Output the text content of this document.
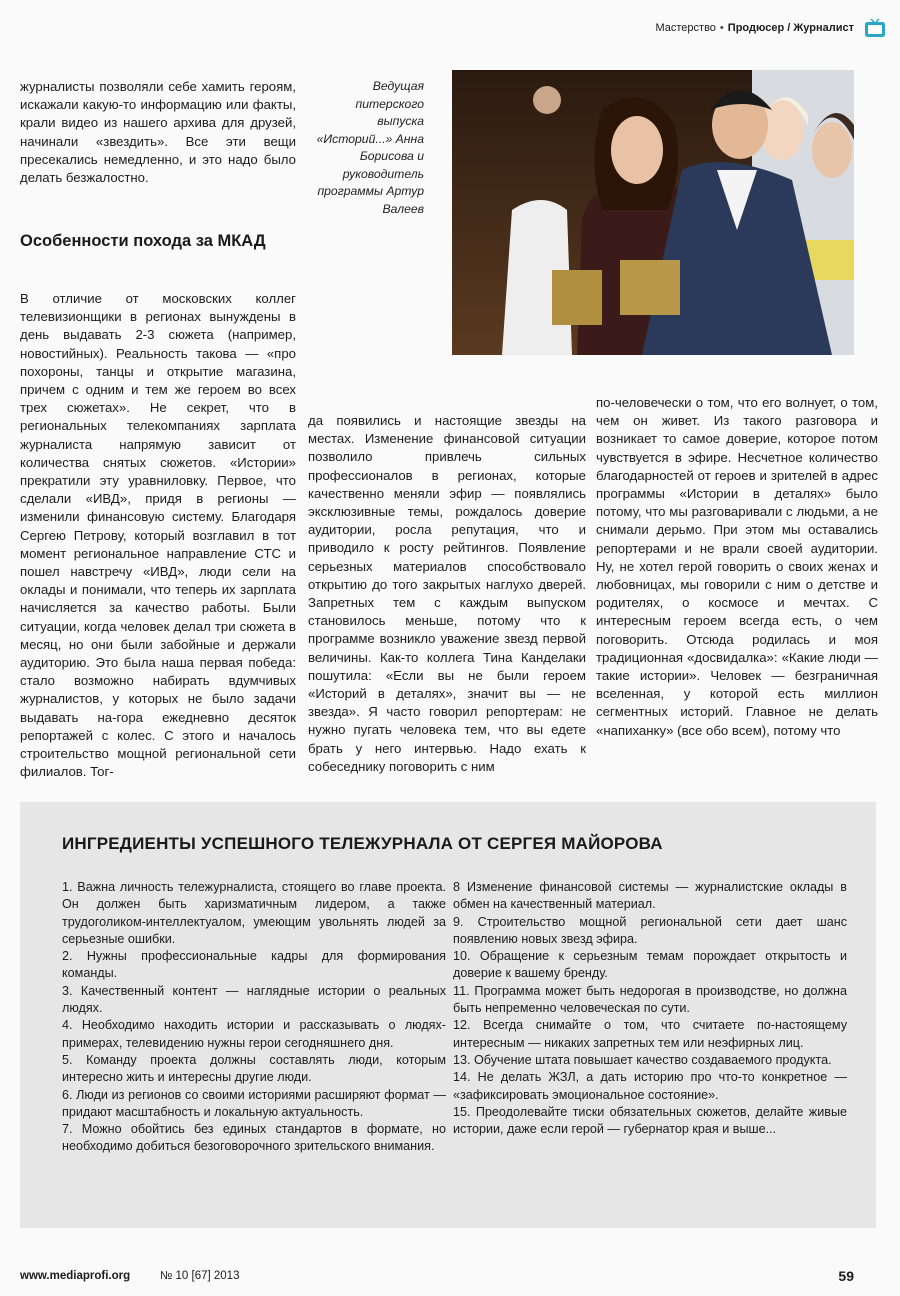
Мастерство • Продюсер / Журналист

журналисты позволяли себе хамить героям, искажали какую-то информацию или факты, крали видео из нашего архива для друзей, начинали «звездить». Все эти вещи пресекались немедленно, и это надо было делать безжалостно.

Ведущая питерского выпуска «Историй...» Анна Борисова и руководитель программы Артур Валеев
Особенности похода за МКАД

В отличие от московских коллег телевизионщики в регионах вынуждены в день выдавать 2-3 сюжета (например, новостийных). Реальность такова — «про похороны, танцы и открытие магазина, причем с одним и тем же героем во всех трех сюжетах». Не секрет, что в региональных телекомпаниях зарплата журналиста напрямую зависит от количества снятых сюжетов. «Истории» прекратили эту уравниловку. Первое, что сделали «ИВД», придя в регионы — изменили финансовую систему. Благодаря Сергею Петрову, который возглавил в тот момент региональное направление СТС и пошел навстречу «ИВД», люди сели на оклады и понимали, что теперь их зарплата начисляется за качество работы. Были ситуации, когда человек делал три сюжета в месяц, но они были забойные и держали аудиторию. Это была наша первая победа: стало возможно набирать вдумчивых журналистов, у которых не было задачи выдавать на-гора ежедневно десяток репортажей с колес. С этого и началось строительство мощной региональной сети филиалов. Тог-

да появились и настоящие звезды на местах. Изменение финансовой ситуации позволило привлечь сильных профессионалов в регионах, которые качественно меняли эфир — появлялись эксклюзивные темы, рождалось доверие аудитории, росла репутация, что и приводило к росту рейтингов. Появление серьезных материалов способствовало открытию до того закрытых наглухо дверей. Запретных тем с каждым выпуском становилось меньше, потому что к программе возникло уважение звезд первой величины. Как-то коллега Тина Канделаки пошутила: «Если вы не были героем «Историй в деталях», значит вы — не звезда». Я часто говорил репортерам: не нужно пугать человека тем, что вы едете брать у него интервью. Надо ехать к собеседнику поговорить с ним

по-человечески о том, что его волнует, о том, чем он живет. Из такого разговора и возникает то самое доверие, которое потом чувствуется в эфире. Несчетное количество благодарностей от героев и зрителей в адрес программы «Истории в деталях» было потому, что мы разговаривали с людьми, а не снимали дерьмо. При этом мы оставались репортерами и не врали своей аудитории. Ну, не хотел герой говорить о своих женах и любовницах, мы говорили с ним о детстве и родителях, о космосе и мечтах. С интересным героем всегда есть, о чем поговорить. Отсюда родилась и моя традиционная «досвидалка»: «Какие люди — такие истории». Человек — безграничная вселенная, у которой есть миллион сегментных историй. Главное не делать «напиханку» (все обо всем), потому что

ИНГРЕДИЕНТЫ УСПЕШНОГО ТЕЛЕЖУРНАЛА ОТ СЕРГЕЯ МАЙОРОВА

1. Важна личность тележурналиста, стоящего во главе проекта. Он должен быть харизматичным лидером, а также трудоголиком-интеллектуалом, умеющим увольнять людей за серьезные ошибки.

2. Нужны профессиональные кадры для формирования команды.

3. Качественный контент — наглядные истории о реальных людях.

4. Необходимо находить истории и рассказывать о людях-примерах, телевидению нужны герои сегодняшнего дня.

5. Команду проекта должны составлять люди, которым интересно жить и интересны другие люди.

6. Люди из регионов со своими историями расширяют формат — придают масштабность и локальную актуальность.

7. Можно обойтись без единых стандартов в формате, но необходимо добиться безоговорочного зрительского внимания.

8 Изменение финансовой системы — журналистские оклады в обмен на качественный материал.

9. Строительство мощной региональной сети дает шанс появлению новых звезд эфира.

10. Обращение к серьезным темам порождает открытость и доверие к вашему бренду.

11. Программа может быть недорогая в производстве, но должна быть непременно человеческая по сути.

12. Всегда снимайте о том, что считаете по-настоящему интересным — никаких запретных тем или неэфирных лиц.

13. Обучение штата повышает качество создаваемого продукта.

14. Не делать ЖЗЛ, а дать историю про что-то конкретное — «зафиксировать эмоциональное состояние».

15. Преодолевайте тиски обязательных сюжетов, делайте живые истории, даже если герой — губернатор края и выше...

www.mediaprofi.org	№ 10 [67] 2013	59
